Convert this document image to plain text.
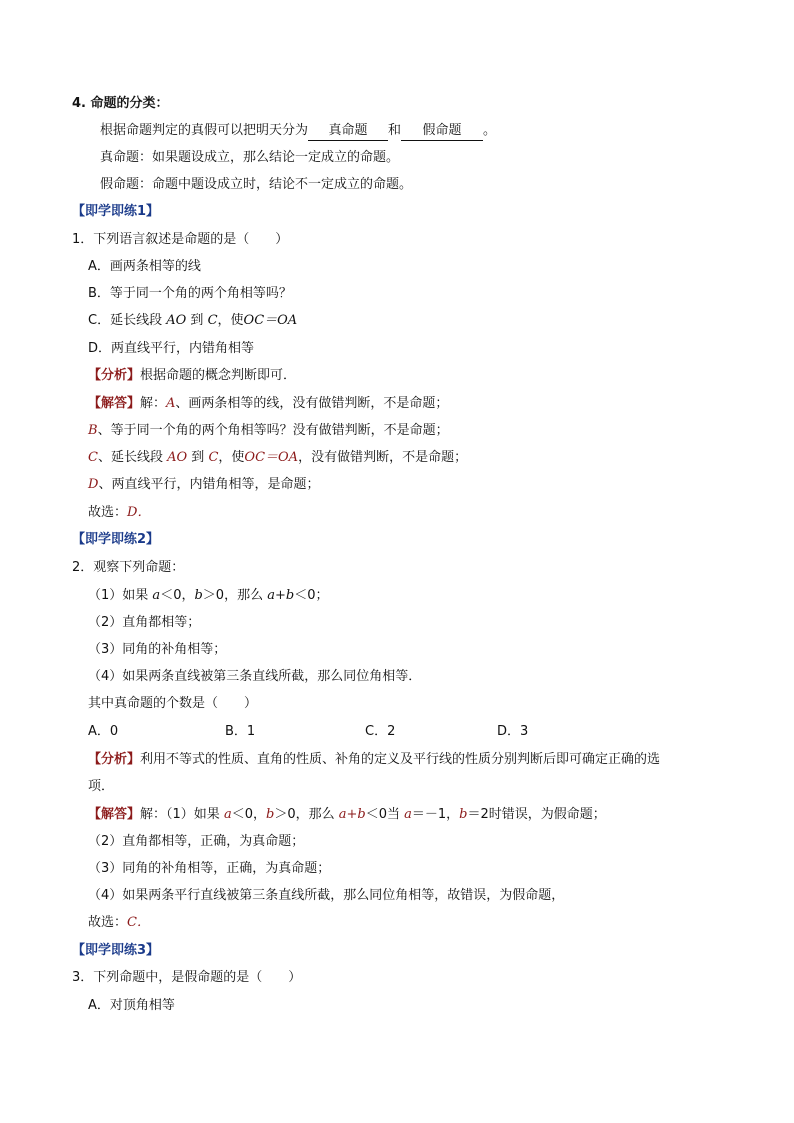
4. 命题的分类：
根据命题判定的真假可以把明天分为 真命题 和 假命题 。
真命题：如果题设成立，那么结论一定成立的命题。
假命题：命题中题设成立时，结论不一定成立的命题。
【即学即练1】
1．下列语言叙述是命题的是（　　）
A．画两条相等的线
B．等于同一个角的两个角相等吗？
C．延长线段 AO 到 C，使OC＝OA
D．两直线平行，内错角相等
【分析】根据命题的概念判断即可．
【解答】解：A、画两条相等的线，没有做错判断，不是命题；
B、等于同一个角的两个角相等吗？没有做错判断，不是命题；
C、延长线段 AO 到 C，使OC＝OA，没有做错判断，不是命题；
D、两直线平行，内错角相等，是命题；
故选：D．
【即学即练2】
2．观察下列命题：
（1）如果 a＜0，b＞0，那么 a+b＜0；
（2）直角都相等；
（3）同角的补角相等；
（4）如果两条直线被第三条直线所截，那么同位角相等．
其中真命题的个数是（　　）
A．0	B．1	C．2	D．3
【分析】利用不等式的性质、直角的性质、补角的定义及平行线的性质分别判断后即可确定正确的选
项．
【解答】解：（1）如果 a＜0，b＞0，那么 a+b＜0当 a＝－1，b＝2时错误，为假命题；
（2）直角都相等，正确，为真命题；
（3）同角的补角相等，正确，为真命题；
（4）如果两条平行直线被第三条直线所截，那么同位角相等，故错误，为假命题，
故选：C．
【即学即练3】
3．下列命题中，是假命题的是（　　）
A．对顶角相等
